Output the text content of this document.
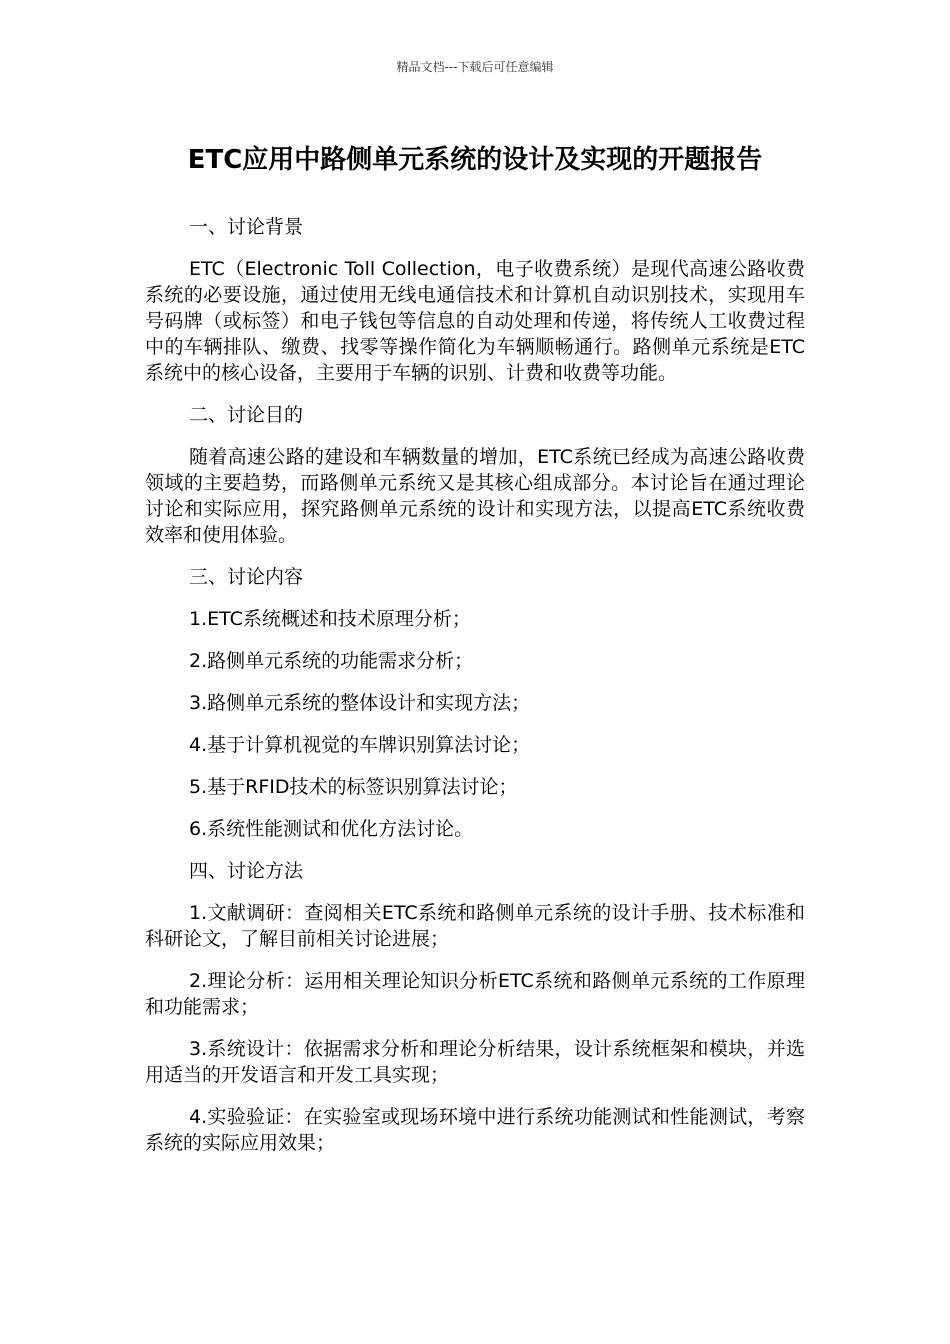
精品文档---下载后可任意编辑
ETC应用中路侧单元系统的设计及实现的开题报告

一、讨论背景

ETC（Electronic Toll Collection，电子收费系统）是现代高速公路收费系统的必要设施，通过使用无线电通信技术和计算机自动识别技术，实现用车号码牌（或标签）和电子钱包等信息的自动处理和传递，将传统人工收费过程中的车辆排队、缴费、找零等操作简化为车辆顺畅通行。路侧单元系统是ETC系统中的核心设备，主要用于车辆的识别、计费和收费等功能。

二、讨论目的

随着高速公路的建设和车辆数量的增加，ETC系统已经成为高速公路收费领域的主要趋势，而路侧单元系统又是其核心组成部分。本讨论旨在通过理论讨论和实际应用，探究路侧单元系统的设计和实现方法，以提高ETC系统收费效率和使用体验。

三、讨论内容

1.ETC系统概述和技术原理分析；

2.路侧单元系统的功能需求分析；

3.路侧单元系统的整体设计和实现方法；

4.基于计算机视觉的车牌识别算法讨论；

5.基于RFID技术的标签识别算法讨论；

6.系统性能测试和优化方法讨论。

四、讨论方法

1.文献调研：查阅相关ETC系统和路侧单元系统的设计手册、技术标准和科研论文，了解目前相关讨论进展；

2.理论分析：运用相关理论知识分析ETC系统和路侧单元系统的工作原理和功能需求；

3.系统设计：依据需求分析和理论分析结果，设计系统框架和模块，并选用适当的开发语言和开发工具实现；

4.实验验证：在实验室或现场环境中进行系统功能测试和性能测试，考察系统的实际应用效果；
